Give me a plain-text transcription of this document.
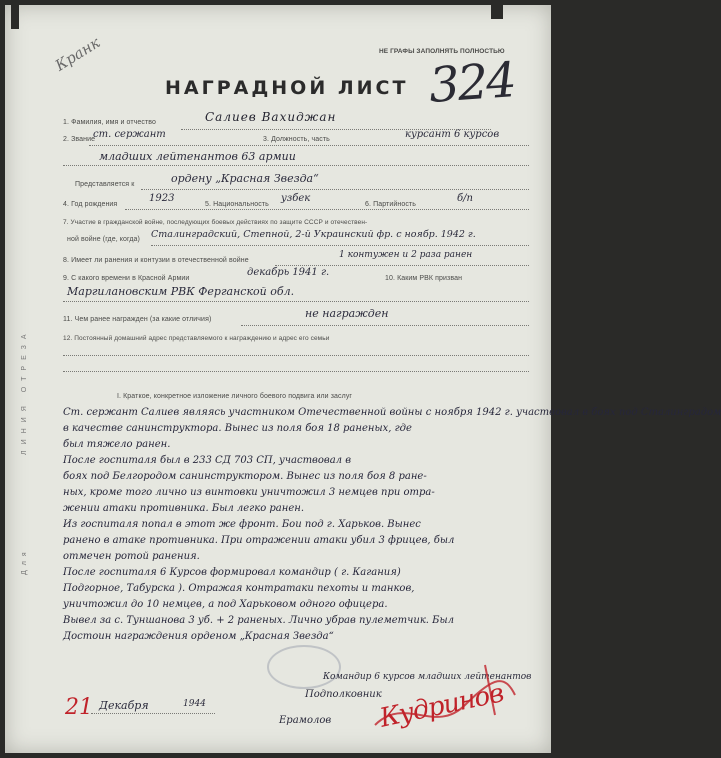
НЕ ГРАФЫ ЗАПОЛНЯТЬ ПОЛНОСТЬЮ
Кранк	324
НАГРАДНОЙ ЛИСТ
ЛИНИЯ ОТРЕЗА
Для
1. Фамилия, имя и отчество	Салиев Вахиджан
2. Звание
ст. сержант	3. Должность, часть	курсант 6 курсов
младших лейтенантов 63 армии
Представляется к	ордену „Красная Звезда“
4. Год рождения
1923
5. Национальность
узбек
6. Партийность
б/п
7. Участие в гражданской войне, последующих боевых действиях по защите СССР и отечествен-
ной войне (где, когда) Сталинградский, Степной, 2-й Украинский фр. с ноябр. 1942 г.
8. Имеет ли ранения и контузии в отечественной войне
1 контужен и 2 раза ранен
9. С какого времени в Красной Армии
декабрь 1941 г.
10. Каким РВК призван
Маргилановским РВК Ферганской обл.
11. Чем ранее награжден (за какие отличия)	не награжден
12. Постоянный домашний адрес представляемого к награждению и адрес его семьи
I. Краткое, конкретное изложение личного боевого подвига или заслуг
Ст. сержант Салиев являясь участником Отечественной войны с ноября 1942 г. участвовал в боях под Сталинградом
в качестве санинструктора. Вынес из поля боя 18 раненых, где
был тяжело ранен.
После госпиталя был в 233 СД 703 СП, участвовал в
боях под Белгородом санинструктором. Вынес из поля боя 8 ране-
ных, кроме того лично из винтовки уничтожил 3 немцев при отра-
жении атаки противника. Был легко ранен.
Из госпиталя попал в этот же фронт. Бои под г. Харьков. Вынес
ранено в атаке противника. При отражении атаки убил 3 фрицев, был
отмечен ротой ранения.
После госпиталя 6 Курсов формировал командир ( г. Кагания)
Подгорное, Табурска ). Отражая контратаки пехоты и танков,
уничтожил до 10 немцев, а под Харьковом одного офицера.
Вывел за с. Туншанова 3 уб. + 2 раненых. Лично убрав пулеметчик. Был
Достоин награждения орденом „Красная Звезда“
Командир 6 курсов младших лейтенантов
Подполковник
21 Декабря	1944
Ерамолов Кудринов
